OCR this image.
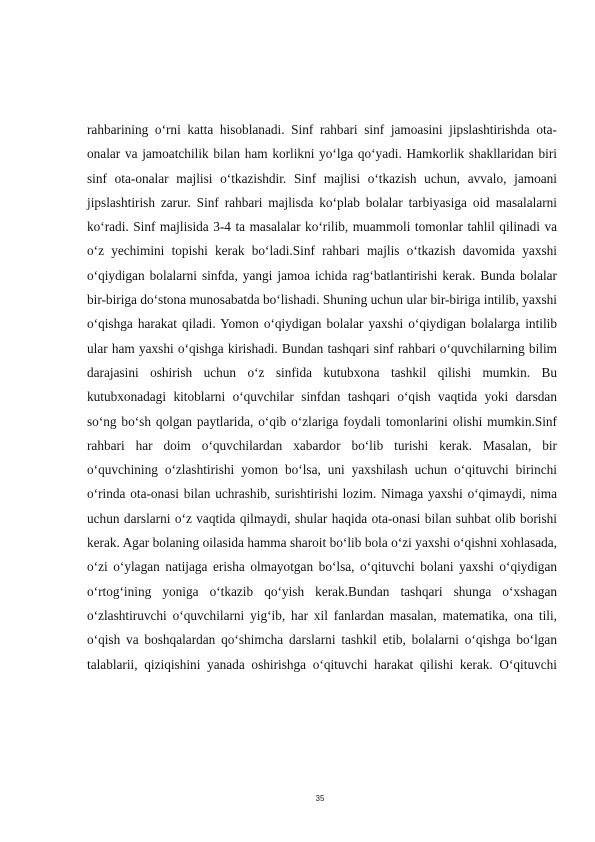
rahbarining o‘rni katta hisoblanadi. Sinf rahbari sinf jamoasini jipslashtirishda ota-onalar va jamoatchilik bilan ham korlikni yo‘lga qo‘yadi. Hamkorlik shakllaridan biri sinf ota-onalar majlisi o‘tkazishdir. Sinf majlisi o‘tkazish uchun, avvalo, jamoani jipslashtirish zarur. Sinf rahbari majlisda ko‘plab bolalar tarbiyasiga oid masalalarni ko‘radi. Sinf majlisida 3-4 ta masalalar ko‘rilib, muammoli tomonlar tahlil qilinadi va o‘z yechimini topishi kerak bo‘ladi.Sinf rahbari majlis o‘tkazish davomida yaxshi o‘qiydigan bolalarni sinfda, yangi jamoa ichida rag‘batlantirishi kerak. Bunda bolalar bir-biriga do‘stona munosabatda bo‘lishadi. Shuning uchun ular bir-biriga intilib, yaxshi o‘qishga harakat qiladi. Yomon o‘qiydigan bolalar yaxshi o‘qiydigan bolalarga intilib ular ham yaxshi o‘qishga kirishadi. Bundan tashqari sinf rahbari o‘quvchilarning bilim darajasini oshirish uchun o‘z sinfida kutubxona tashkil qilishi mumkin. Bu kutubxonadagi kitoblarni o‘quvchilar sinfdan tashqari o‘qish vaqtida yoki darsdan so‘ng bo‘sh qolgan paytlarida, o‘qib o‘zlariga foydali tomonlarini olishi mumkin.Sinf rahbari har doim o‘quvchilardan xabardor bo‘lib turishi kerak. Masalan, bir o‘quvchining o‘zlashtirishi yomon bo‘lsa, uni yaxshilash uchun o‘qituvchi birinchi o‘rinda ota-onasi bilan uchrashib, surishtirishi lozim. Nimaga yaxshi o‘qimaydi, nima uchun darslarni o‘z vaqtida qilmaydi, shular haqida ota-onasi bilan suhbat olib borishi kerak. Agar bolaning oilasida hamma sharoit bo‘lib bola o‘zi yaxshi o‘qishni xohlasada, o‘zi o‘ylagan natijaga erisha olmayotgan bo‘lsa, o‘qituvchi bolani yaxshi o‘qiydigan o‘rtog‘ining yoniga o‘tkazib qo‘yish kerak.Bundan tashqari shunga o‘xshagan o‘zlashtiruvchi o‘quvchilarni yig‘ib, har xil fanlardan masalan, matematika, ona tili, o‘qish va boshqalardan qo‘shimcha darslarni tashkil etib, bolalarni o‘qishga bo‘lgan talablarii, qiziqishini yanada oshirishga o‘qituvchi harakat qilishi kerak. O‘qituvchi

35
